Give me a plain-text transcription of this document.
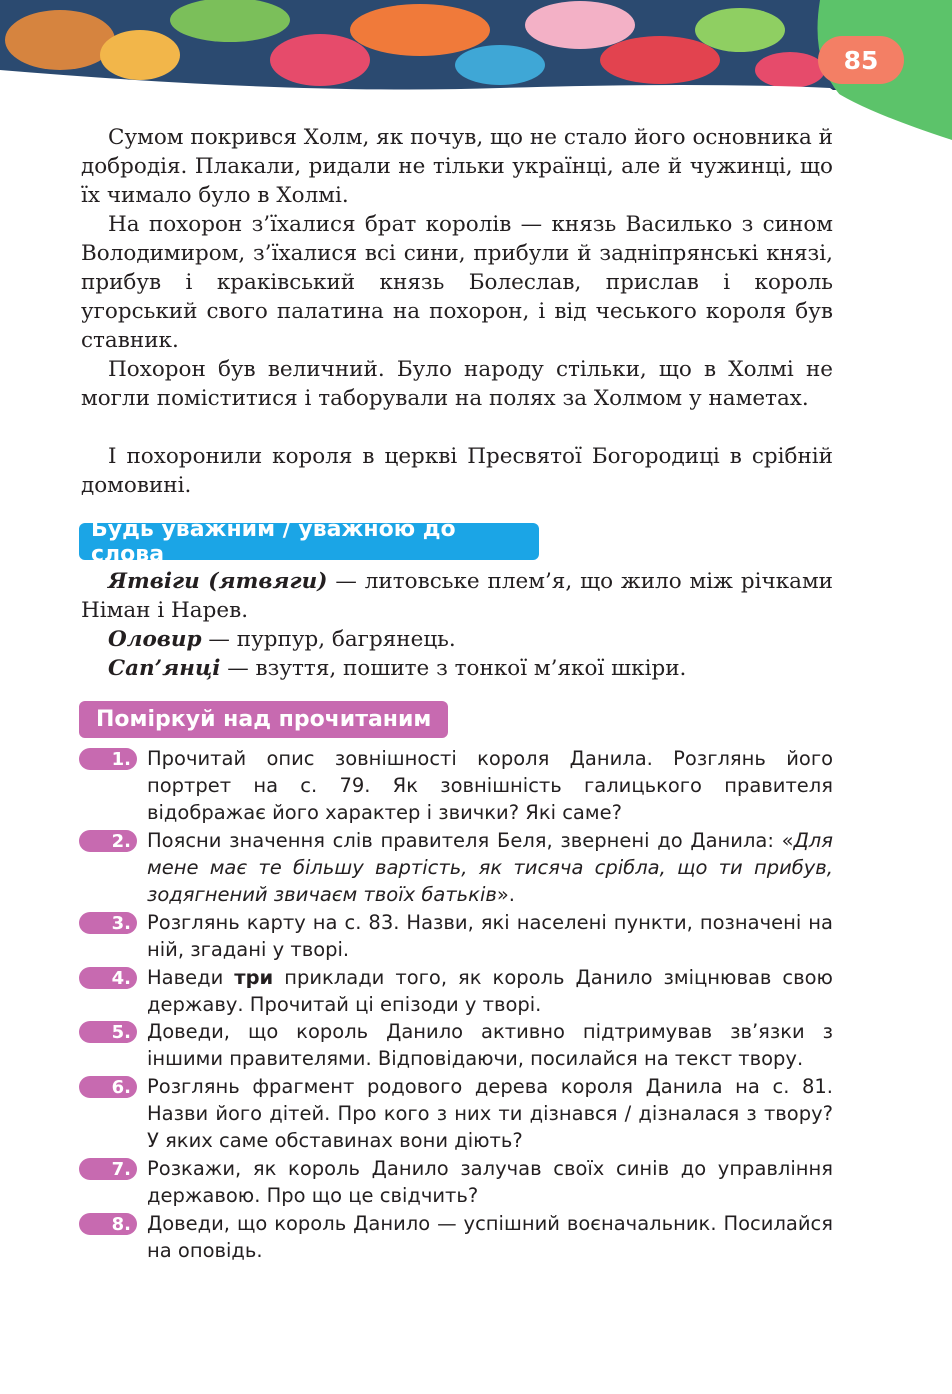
85
Сумом покрився Холм, як почув, що не стало його основника й добродія. Плакали, ридали не тільки українці, але й чужинці, що їх чимало було в Холмі.
На похорон з’їхалися брат королів — князь Василько з сином Володимиром, з’їхалися всі сини, прибули й задніпрянські князі, прибув і краківський князь Болеслав, прислав і король угорський свого палатина на похорон, і від чеського короля був ставник.
Похорон був величний. Було народу стільки, що в Холмі не могли поміститися і таборували на полях за Холмом у наметах.
І похоронили короля в церкві Пресвятої Богородиці в срібній домовині.
Будь уважним / уважною до слова
Ятвіги (ятвяги) — литовське плем’я, що жило між річками Німан і Нарев.
Оловир — пурпур, багрянець.
Сап’янці — взуття, пошите з тонкої м’якої шкіри.
Поміркуй над прочитаним
1. Прочитай опис зовнішності короля Данила. Розглянь його портрет на с. 79. Як зовнішність галицького правителя відображає його характер і звички? Які саме?
2. Поясни значення слів правителя Беля, звернені до Данила: «Для мене має те більшу вартість, як тисяча срібла, що ти прибув, зодягнений звичаєм твоїх батьків».
3. Розглянь карту на с. 83. Назви, які населені пункти, позначені на ній, згадані у творі.
4. Наведи три приклади того, як король Данило зміцнював свою державу. Прочитай ці епізоди у творі.
5. Доведи, що король Данило активно підтримував зв’язки з іншими правителями. Відповідаючи, посилайся на текст твору.
6. Розглянь фрагмент родового дерева короля Данила на с. 81. Назви його дітей. Про кого з них ти дізнався / дізналася з твору? У яких саме обставинах вони діють?
7. Розкажи, як король Данило залучав своїх синів до управління державою. Про що це свідчить?
8. Доведи, що король Данило — успішний воєначальник. Посилайся на оповідь.
